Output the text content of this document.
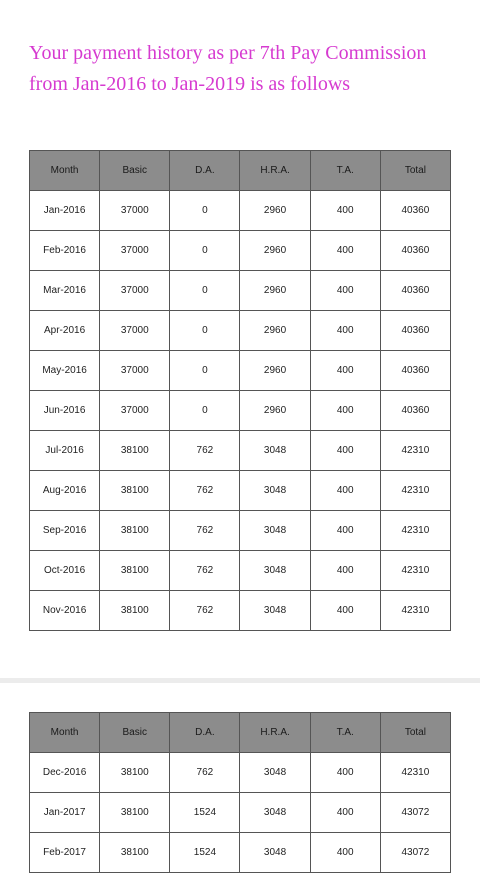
Your payment history as per 7th Pay Commission
from Jan-2016 to Jan-2019 is as follows
Month	Basic	D.A.	H.R.A.	T.A.	Total
Jan-2016	37000	0	2960	400	40360
Feb-2016	37000	0	2960	400	40360
Mar-2016	37000	0	2960	400	40360
Apr-2016	37000	0	2960	400	40360
May-2016	37000	0	2960	400	40360
Jun-2016	37000	0	2960	400	40360
Jul-2016	38100	762	3048	400	42310
Aug-2016	38100	762	3048	400	42310
Sep-2016	38100	762	3048	400	42310
Oct-2016	38100	762	3048	400	42310
Nov-2016	38100	762	3048	400	42310
Month	Basic	D.A.	H.R.A.	T.A.	Total
Dec-2016	38100	762	3048	400	42310
Jan-2017	38100	1524	3048	400	43072
Feb-2017	38100	1524	3048	400	43072
